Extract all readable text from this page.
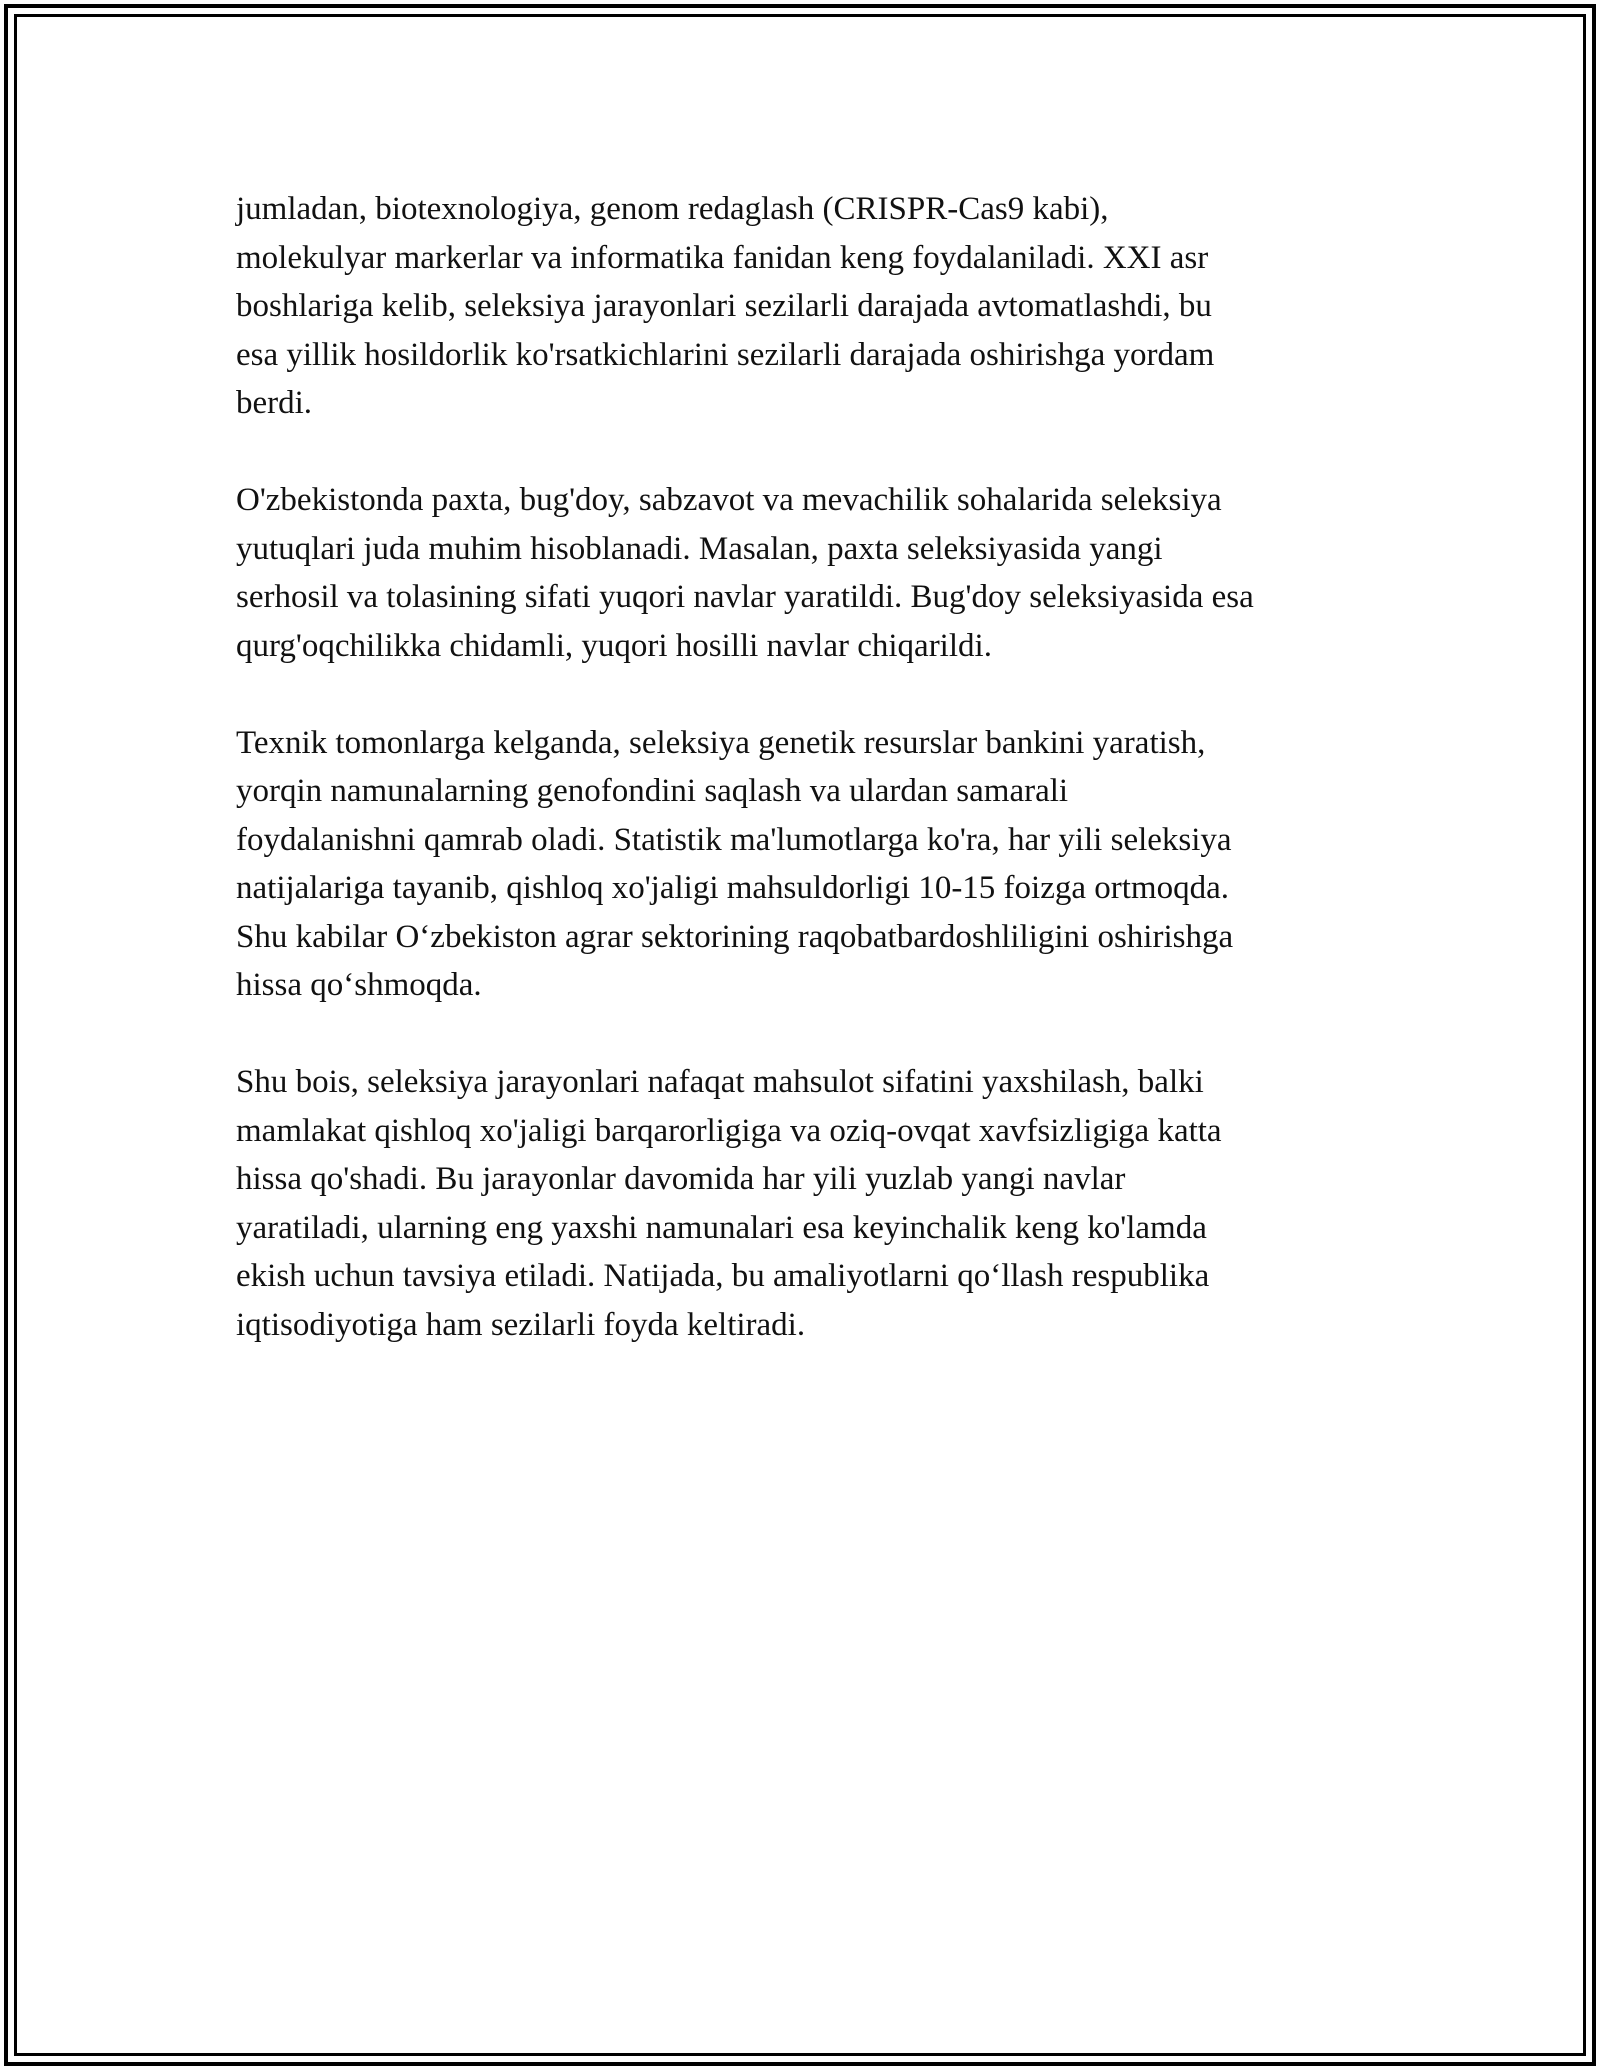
jumladan, biotexnologiya, genom redaglash (CRISPR-Cas9 kabi),
molekulyar markerlar va informatika fanidan keng foydalaniladi. XXI asr
boshlariga kelib, seleksiya jarayonlari sezilarli darajada avtomatlashdi, bu
esa yillik hosildorlik ko'rsatkichlarini sezilarli darajada oshirishga yordam
berdi.

O'zbekistonda paxta, bug'doy, sabzavot va mevachilik sohalarida seleksiya
yutuqlari juda muhim hisoblanadi. Masalan, paxta seleksiyasida yangi
serhosil va tolasining sifati yuqori navlar yaratildi. Bug'doy seleksiyasida esa
qurg'oqchilikka chidamli, yuqori hosilli navlar chiqarildi.

Texnik tomonlarga kelganda, seleksiya genetik resurslar bankini yaratish,
yorqin namunalarning genofondini saqlash va ulardan samarali
foydalanishni qamrab oladi. Statistik ma'lumotlarga ko'ra, har yili seleksiya
natijalariga tayanib, qishloq xo'jaligi mahsuldorligi 10-15 foizga ortmoqda.
Shu kabilar Oʻzbekiston agrar sektorining raqobatbardoshliligini oshirishga
hissa qoʻshmoqda.

Shu bois, seleksiya jarayonlari nafaqat mahsulot sifatini yaxshilash, balki
mamlakat qishloq xo'jaligi barqarorligiga va oziq-ovqat xavfsizligiga katta
hissa qo'shadi. Bu jarayonlar davomida har yili yuzlab yangi navlar
yaratiladi, ularning eng yaxshi namunalari esa keyinchalik keng ko'lamda
ekish uchun tavsiya etiladi. Natijada, bu amaliyotlarni qoʻllash respublika
iqtisodiyotiga ham sezilarli foyda keltiradi.
